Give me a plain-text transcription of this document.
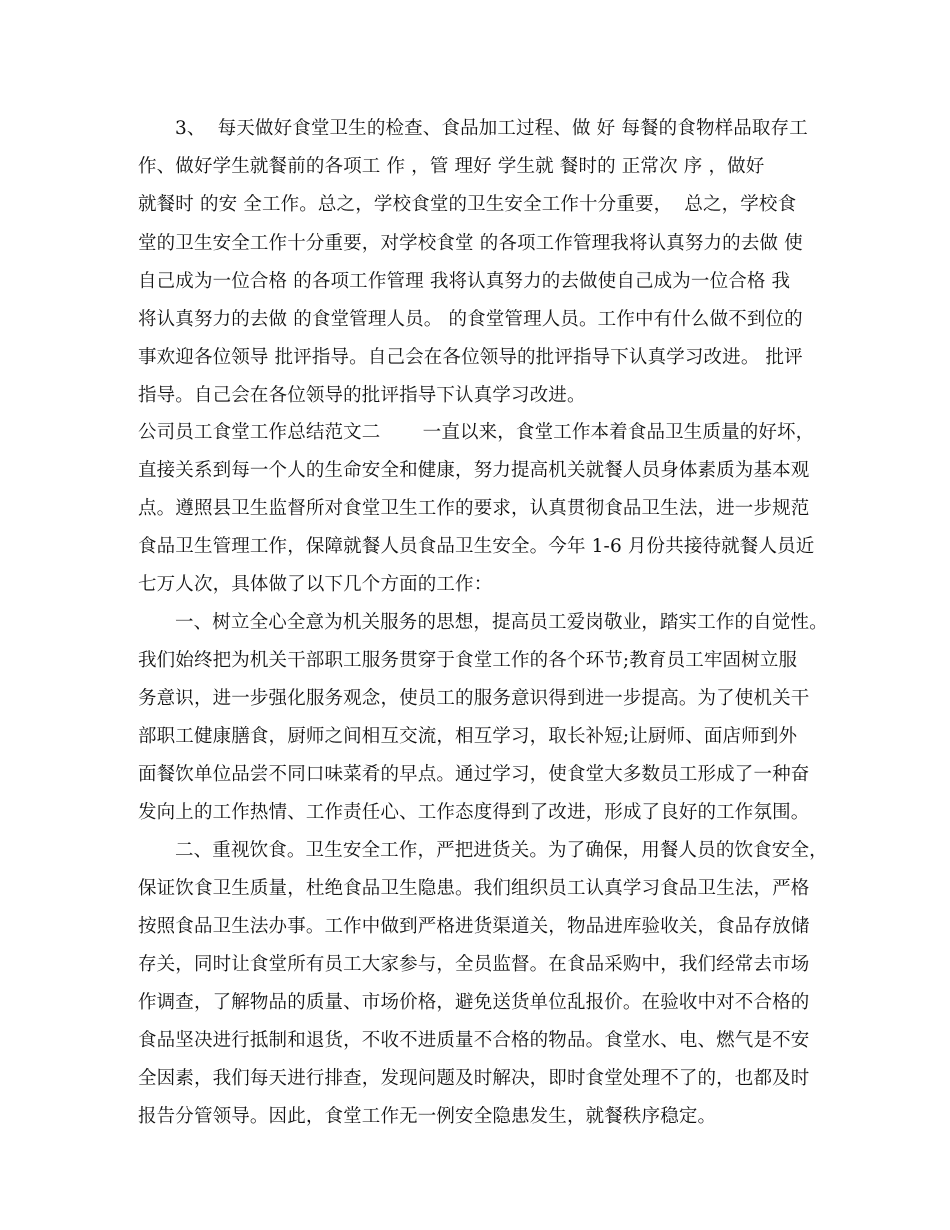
3、  每天做好食堂卫生的检查、食品加工过程、做 好 每餐的食物样品取存工
作、做好学生就餐前的各项工 作 ，管 理好 学生就 餐时的 正常次 序 ，做好
就餐时 的安 全工作。总之，学校食堂的卫生安全工作十分重要，  总之，学校食
堂的卫生安全工作十分重要，对学校食堂 的各项工作管理我将认真努力的去做 使
自己成为一位合格 的各项工作管理 我将认真努力的去做使自己成为一位合格 我
将认真努力的去做 的食堂管理人员。 的食堂管理人员。工作中有什么做不到位的
事欢迎各位领导 批评指导。自己会在各位领导的批评指导下认真学习改进。 批评
指导。自己会在各位领导的批评指导下认真学习改进。
公司员工食堂工作总结范文二       一直以来，食堂工作本着食品卫生质量的好坏，
直接关系到每一个人的生命安全和健康，努力提高机关就餐人员身体素质为基本观
点。遵照县卫生监督所对食堂卫生工作的要求，认真贯彻食品卫生法，进一步规范
食品卫生管理工作，保障就餐人员食品卫生安全。今年 1-6 月份共接待就餐人员近
七万人次，具体做了以下几个方面的工作：
一、树立全心全意为机关服务的思想，提高员工爱岗敬业，踏实工作的自觉性。
我们始终把为机关干部职工服务贯穿于食堂工作的各个环节;教育员工牢固树立服
务意识，进一步强化服务观念，使员工的服务意识得到进一步提高。为了使机关干
部职工健康膳食，厨师之间相互交流，相互学习，取长补短;让厨师、面店师到外
面餐饮单位品尝不同口味菜肴的早点。通过学习，使食堂大多数员工形成了一种奋
发向上的工作热情、工作责任心、工作态度得到了改进，形成了良好的工作氛围。
二、重视饮食。卫生安全工作，严把进货关。为了确保，用餐人员的饮食安全，
保证饮食卫生质量，杜绝食品卫生隐患。我们组织员工认真学习食品卫生法，严格
按照食品卫生法办事。工作中做到严格进货渠道关，物品进库验收关，食品存放储
存关，同时让食堂所有员工大家参与，全员监督。在食品采购中，我们经常去市场
作调查，了解物品的质量、市场价格，避免送货单位乱报价。在验收中对不合格的
食品坚决进行抵制和退货，不收不进质量不合格的物品。食堂水、电、燃气是不安
全因素，我们每天进行排查，发现问题及时解决，即时食堂处理不了的，也都及时
报告分管领导。因此，食堂工作无一例安全隐患发生，就餐秩序稳定。
